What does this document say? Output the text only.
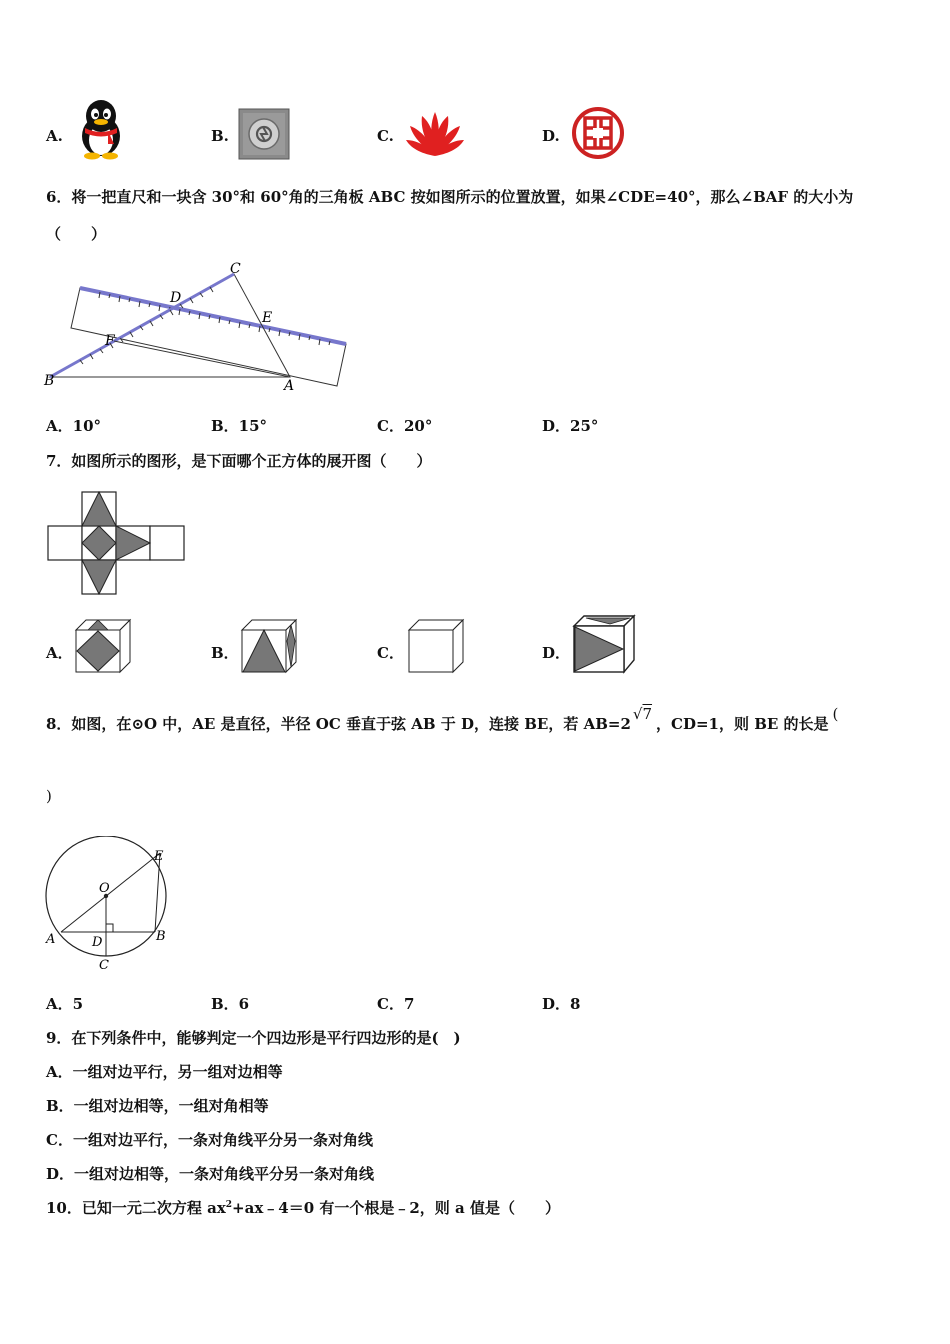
A.	B.	C.	D.
6．将一把直尺和一块含 30°和 60°角的三角板 ABC 按如图所示的位置放置，如果∠CDE=40°，那么∠BAF 的大小为
（　　）
C
D
E
F
B	A
A．10°	B．15°	C．20°	D．25°
7．如图所示的图形，是下面哪个正方体的展开图（　　）
A．	B．	C．	D．
8．如图，在⊙O 中，AE 是直径，半径 OC 垂直于弦 AB 于 D，连接 BE，若 AB=2√7，CD=1，则 BE 的长是(
)
E
O
A	D	B
C
A．5	B．6	C．7	D．8
9．在下列条件中，能够判定一个四边形是平行四边形的是(　)
A．一组对边平行，另一组对边相等
B．一组对边相等，一组对角相等
C．一组对边平行，一条对角线平分另一条对角线
D．一组对边相等，一条对角线平分另一条对角线
10．已知一元二次方程 $ax^2+ax﹣4=0$ 有一个根是﹣2，则 a 值是（　　）
